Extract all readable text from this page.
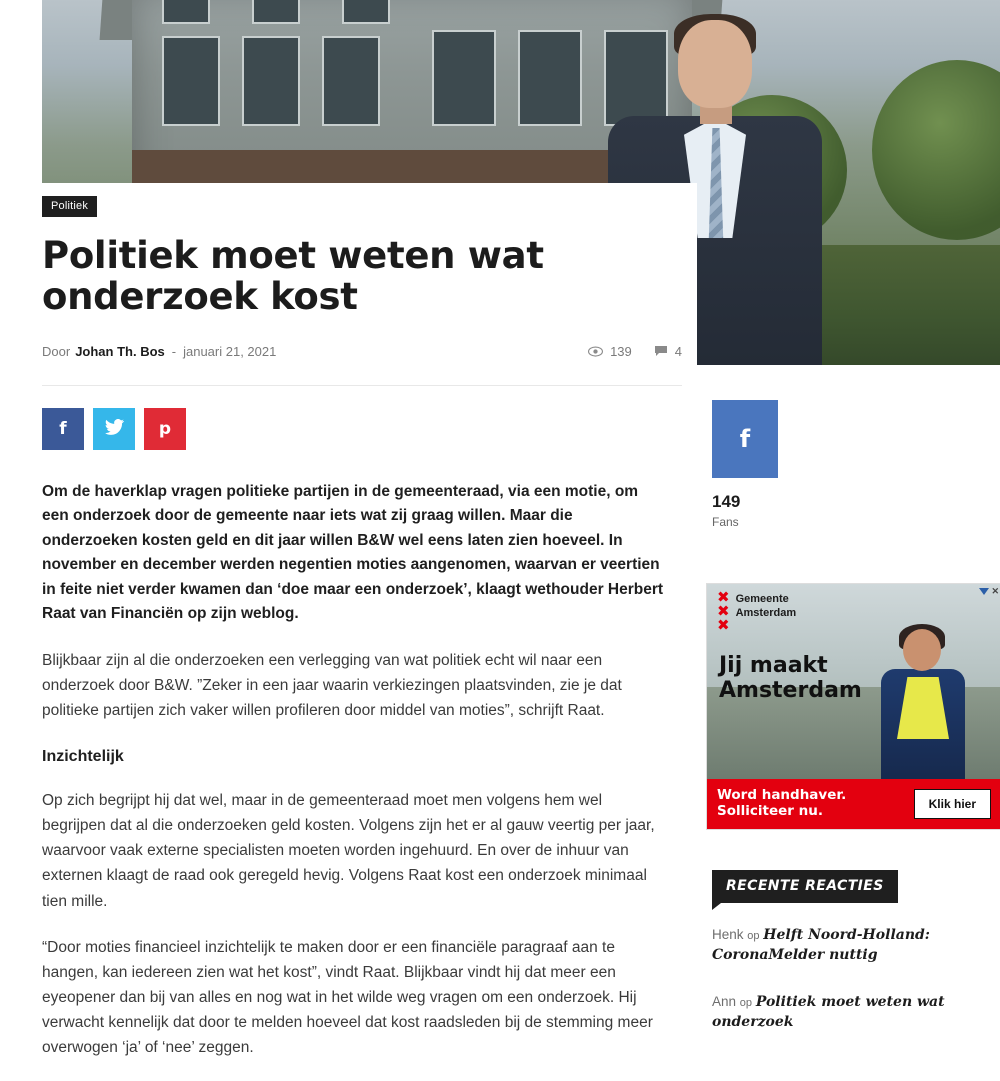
Politiek
Politiek moet weten wat onderzoek kost
Door Johan Th. Bos - januari 21, 2021	139	4
f	p

Om de haverklap vragen politieke partijen in de gemeenteraad, via een motie, om een onderzoek door de gemeente naar iets wat zij graag willen. Maar die onderzoeken kosten geld en dit jaar willen B&W wel eens laten zien hoeveel. In november en december werden negentien moties aangenomen, waarvan er veertien in feite niet verder kwamen dan ‘doe maar een onderzoek’, klaagt wethouder Herbert Raat van Financiën op zijn weblog.

Blijkbaar zijn al die onderzoeken een verlegging van wat politiek echt wil naar een onderzoek door B&W. ”Zeker in een jaar waarin verkiezingen plaatsvinden, zie je dat politieke partijen zich vaker willen profileren door middel van moties”, schrijft Raat.

Inzichtelijk

Op zich begrijpt hij dat wel, maar in de gemeenteraad moet men volgens hem wel begrijpen dat al die onderzoeken geld kosten. Volgens zijn het er al gauw veertig per jaar, waarvoor vaak externe specialisten moeten worden ingehuurd. En over de inhuur van externen klaagt de raad ook geregeld hevig. Volgens Raat kost een onderzoek minimaal tien mille.

“Door moties financieel inzichtelijk te maken door er een financiële paragraaf aan te hangen, kan iedereen zien wat het kost”, vindt Raat. Blijkbaar vindt hij dat meer een eyeopener dan bij van alles en nog wat in het wilde weg vragen om een onderzoek. Hij verwacht kennelijk dat door te melden hoeveel dat kost raadsleden bij de stemming meer overwogen ‘ja’ of ‘nee’ zeggen.

f
149
Fans
✕
✖
✖
✖
Gemeente
Amsterdam
Jij maakt
Amsterdam
Word handhaver.
Solliciteer nu.	Klik hier
RECENTE REACTIES
Henk op Helft Noord-Holland:
CoronaMelder nuttig
Ann op Politiek moet weten wat onderzoek
